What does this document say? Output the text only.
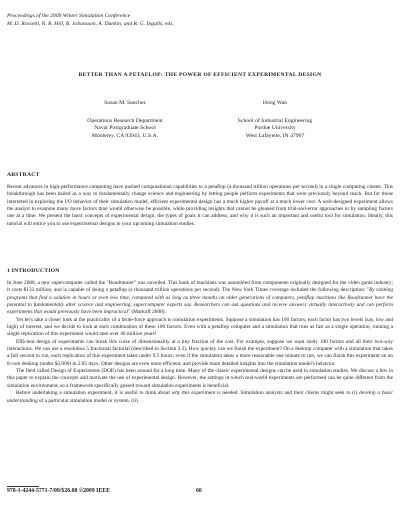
Proceedings of the 2009 Winter Simulation Conference
M. D. Rossetti, R. R. Hill, B. Johansson, A. Dunkin, and R. G. Ingalls, eds.
BETTER THAN A PETAFLOP: THE POWER OF EFFICIENT EXPERIMENTAL DESIGN
Susan M. Sanchez
Operations Research Department
Naval Postgraduate School
Monterey, CA 93943, U.S.A.
Hong Wan
School of Industrial Engineering
Purdue University
West Lafayette, IN 47907
ABSTRACT

Recent advances in high-performance computing have pushed computational capabilities to a petaflop (a thousand trillion operations per second) in a single computing cluster. This breakthrough has been hailed as a way to fundamentally change science and engineering by letting people perform experiments that were previously beyond reach. But for those interested in exploring the I/O behavior of their simulation model, efficient experimental design has a much higher payoff at a much lower cost. A well-designed experiment allows the analyst to examine many more factors than would otherwise be possible, while providing insights that cannot be gleaned from trial-and-error approaches or by sampling factors one at a time. We present the basic concepts of experimental design, the types of goals it can address, and why it is such an important and useful tool for simulation. Ideally, this tutorial will entice you to use experimental designs in your upcoming simulation studies.

1 INTRODUCTION

In June 2008, a new supercomputer called the "Roadrunner" was unveiled. This bank of machines was assembled from components originally designed for the video game industry; it costs $133 million, and is capable of doing a petaflop (a thousand trillion operations per second). The New York Times coverage included the following description: "By running programs that find a solution in hours or even less time, compared with as long as three months on older generations of computers, petaflop machines like Roadrunner have the potential to fundamentally alter science and engineering, supercomputer experts say. Researchers can ask questions and receive answers virtually interactively and can perform experiments that would previously have been impractical" (Markoff 2008).

Yet let's take a closer look at the practicality of a brute-force approach to simulation experiments. Suppose a simulation has 100 factors, each factor has two levels (say, low and high) of interest, and we decide to look at each combination of these 100 factors. Even with a petaflop computer and a simulation that runs as fast as a single operation, running a single replication of this experiment would take over 40 million years!

Efficient design of experiments can break this curse of dimensionality at a tiny fraction of the cost. For example, suppose we want study 100 factors and all their two-way interactions. We can use a resolution 5 fractional factorial (described in Section 3.3). How quickly can we finish the experiment? On a desktop computer with a simulation that takes a full second to run, each replication of this experiment takes under 9.5 hours; even if the simulation takes a more reasonable one minute to run, we can finish this experiment on an 8-core desktop (under $3,000) in 2.85 days. Other designs are even more efficient, and provide more detailed insights into the simulation model's behavior.

The field called Design of Experiments (DOE) has been around for a long time. Many of the classic experimental designs can be used in simulation studies. We discuss a few in this paper to explain the concepts and motivate the use of experimental design. However, the settings in which real-world experiments are performed can be quite different from the simulation environment, so a framework specifically geared toward simulation experiments is beneficial.

Before undertaking a simulation experiment, it is useful to think about why this experiment is needed. Simulation analysts and their clients might seek to (i) develop a basic understanding of a particular simulation model or system, (ii)

978-1-4244-5771-7/09/$26.00 ©2009 IEEE	60
